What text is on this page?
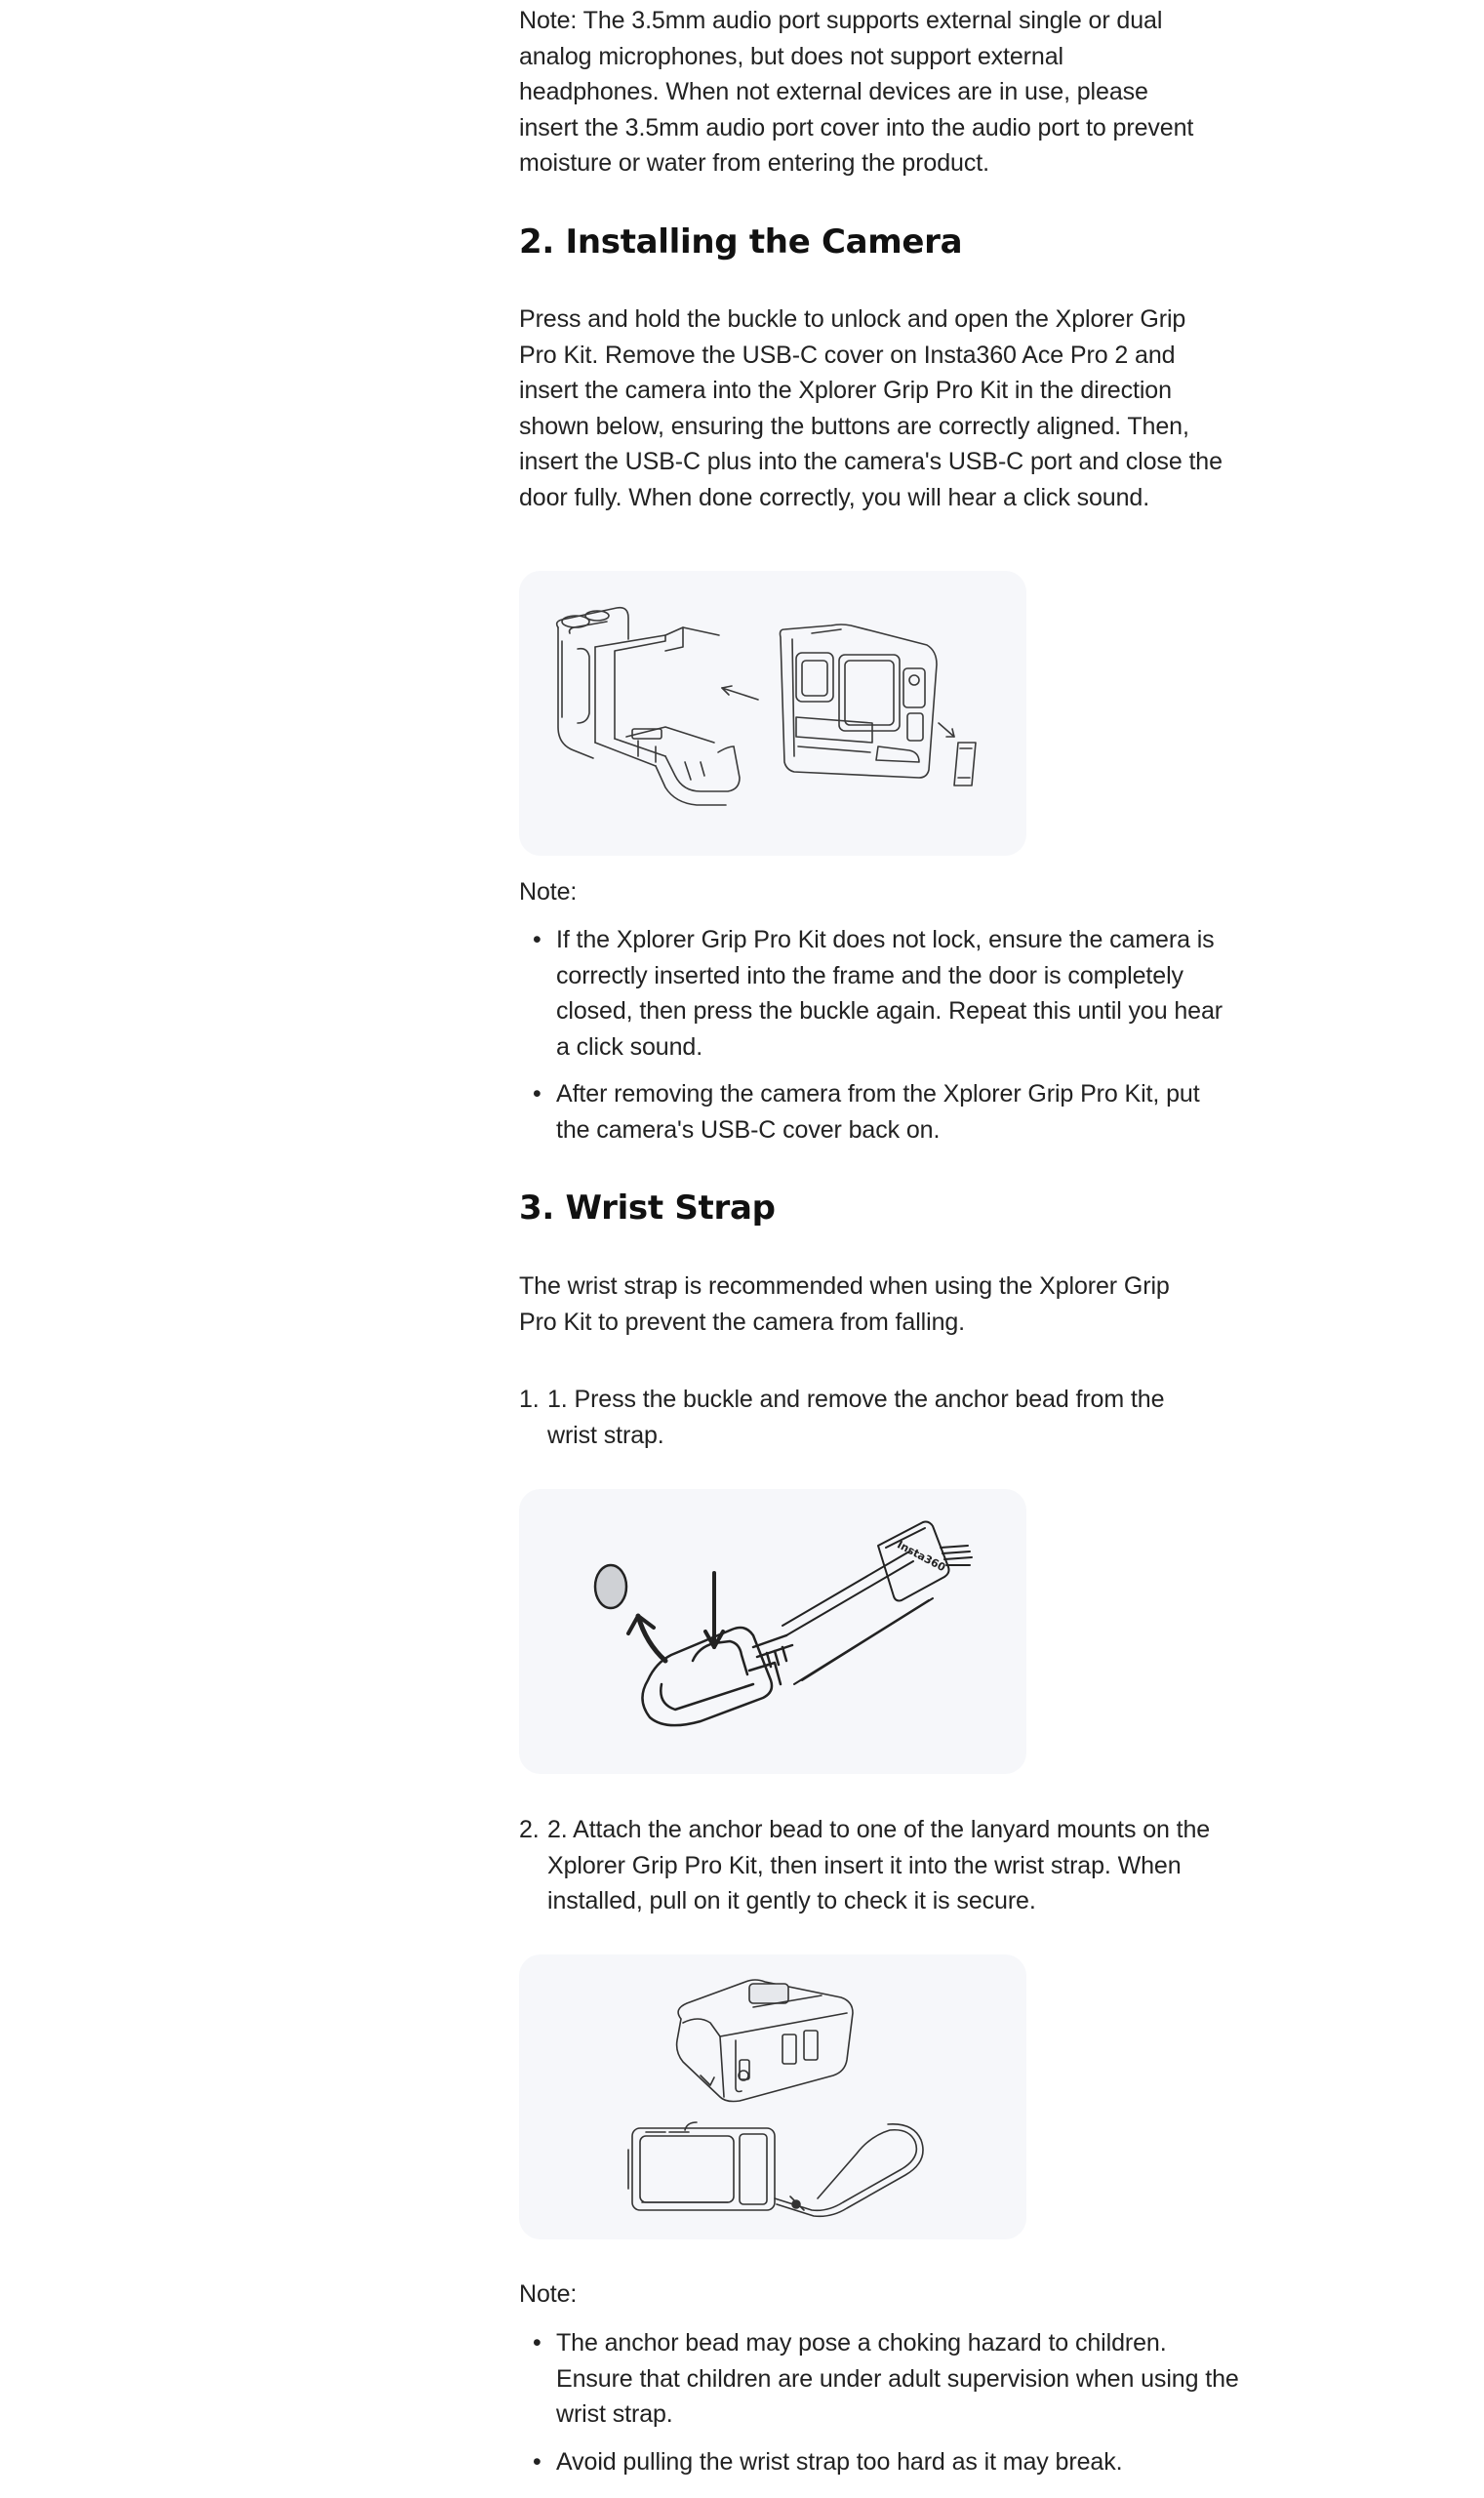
Note: The 3.5mm audio port supports external single or dual analog microphones, but does not support external headphones. When not external devices are in use, please insert the 3.5mm audio port cover into the audio port to prevent moisture or water from entering the product.

2. Installing the Camera

Press and hold the buckle to unlock and open the Xplorer Grip Pro Kit. Remove the USB-C cover on Insta360 Ace Pro 2 and insert the camera into the Xplorer Grip Pro Kit in the direction shown below, ensuring the buttons are correctly aligned. Then, insert the USB-C plus into the camera's USB-C port and close the door fully. When done correctly, you will hear a click sound.

Note:

• If the Xplorer Grip Pro Kit does not lock, ensure the camera is correctly inserted into the frame and the door is completely closed, then press the buckle again. Repeat this until you hear a click sound.
• After removing the camera from the Xplorer Grip Pro Kit, put the camera's USB-C cover back on.
3. Wrist Strap

The wrist strap is recommended when using the Xplorer Grip Pro Kit to prevent the camera from falling.

1. 1. Press the buckle and remove the anchor bead from the wrist strap.

Insta360

2. 2. Attach the anchor bead to one of the lanyard mounts on the Xplorer Grip Pro Kit, then insert it into the wrist strap. When installed, pull on it gently to check it is secure.

Note:

• The anchor bead may pose a choking hazard to children. Ensure that children are under adult supervision when using the wrist strap.
• Avoid pulling the wrist strap too hard as it may break.
